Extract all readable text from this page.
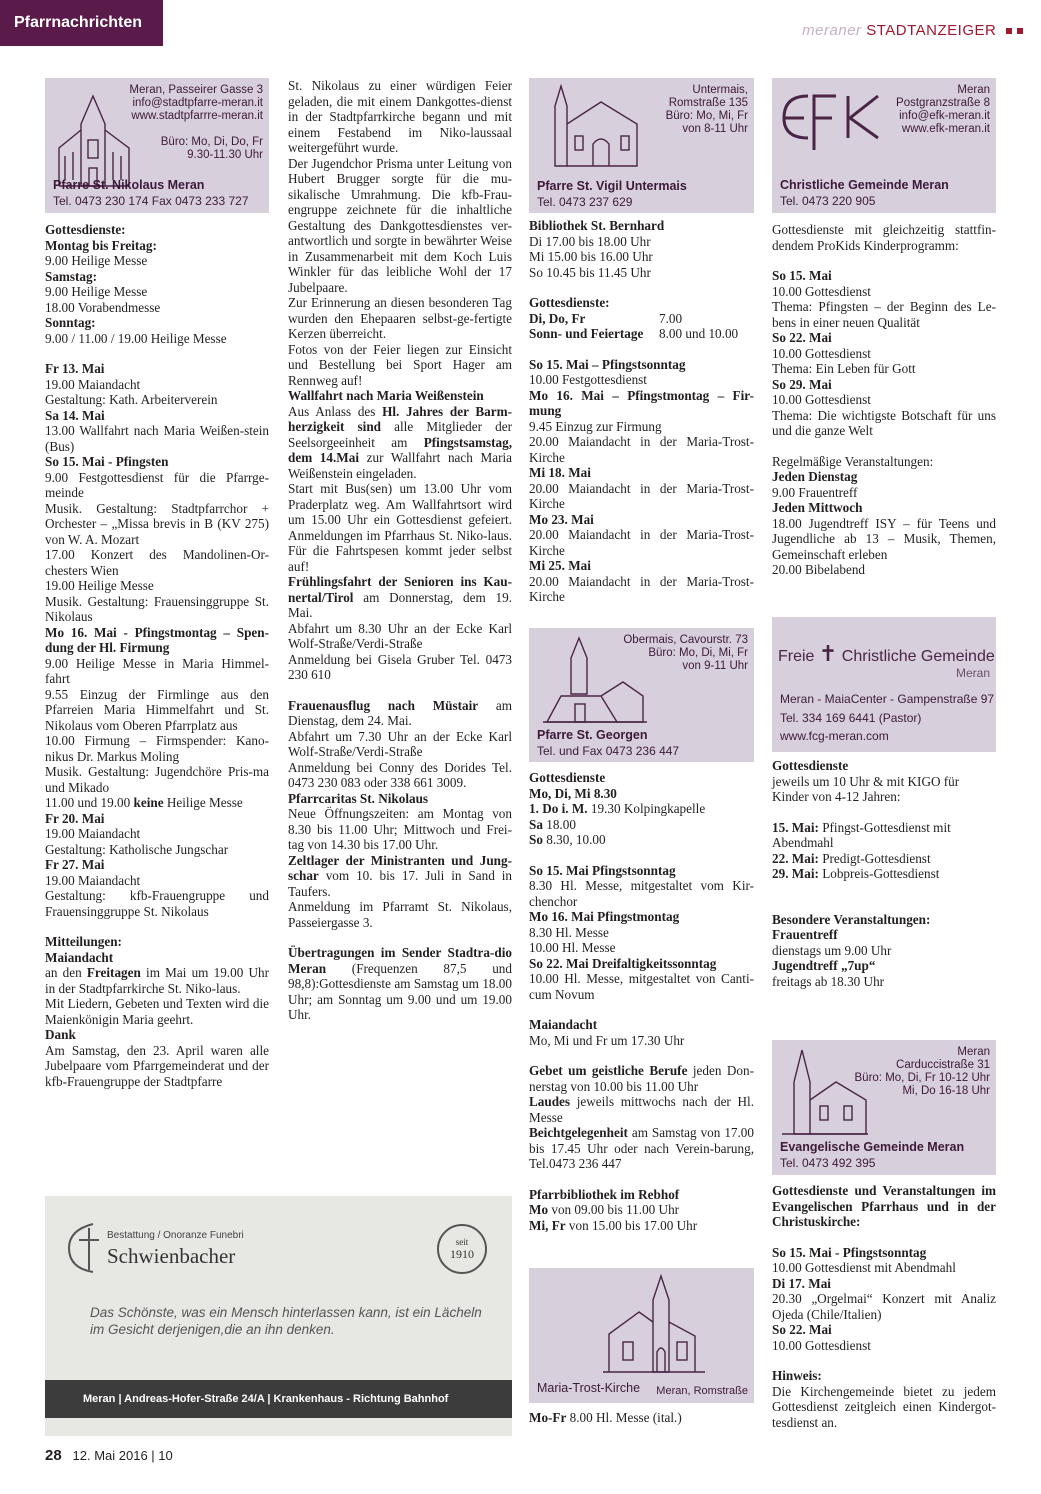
Pfarrnachrichten	meraner STADTANZEIGER
Meran, Passeirer Gasse 3
info@stadtpfarre-meran.it
www.stadtpfarrre-meran.it
Büro: Mo, Di, Do, Fr
9.30-11.30 Uhr
Pfarre St. Nikolaus Meran
Tel. 0473 230 174 Fax 0473 233 727

Gottesdienste:

Montag bis Freitag:

9.00 Heilige Messe

Samstag:

9.00 Heilige Messe

18.00 Vorabendmesse

Sonntag:

9.00 / 11.00 / 19.00 Heilige Messe

Fr 13. Mai

19.00 Maiandacht

Gestaltung: Kath. Arbeiterverein

Sa 14. Mai

13.00 Wallfahrt nach Maria Weißen-stein (Bus)

So 15. Mai - Pfingsten

9.00 Festgottesdienst für die Pfarrge-meinde

Musik. Gestaltung: Stadtpfarrchor + Orchester – „Missa brevis in B (KV 275) von W. A. Mozart

17.00 Konzert des Mandolinen-Or-chesters Wien

19.00 Heilige Messe

Musik. Gestaltung: Frauensinggruppe St. Nikolaus

Mo 16. Mai - Pfingstmontag – Spen-dung der Hl. Firmung

9.00 Heilige Messe in Maria Himmel-fahrt

9.55 Einzug der Firmlinge aus den Pfarreien Maria Himmelfahrt und St. Nikolaus vom Oberen Pfarrplatz aus

10.00 Firmung – Firmspender: Kano-nikus Dr. Markus Moling

Musik. Gestaltung: Jugendchöre Pris-ma und Mikado

11.00 und 19.00 keine Heilige Messe

Fr 20. Mai

19.00 Maiandacht

Gestaltung: Katholische Jungschar

Fr 27. Mai

19.00 Maiandacht

Gestaltung: kfb-Frauengruppe und Frauensinggruppe St. Nikolaus

Mitteilungen:

Maiandacht

an den Freitagen im Mai um 19.00 Uhr in der Stadtpfarrkirche St. Niko-laus.

Mit Liedern, Gebeten und Texten wird die Maienkönigin Maria geehrt.

Dank

Am Samstag, den 23. April waren alle Jubelpaare vom Pfarrgemeinderat und der kfb-Frauengruppe der Stadtpfarre

St. Nikolaus zu einer würdigen Feier geladen, die mit einem Dankgottes-dienst in der Stadtpfarrkirche begann und mit einem Festabend im Niko-laussaal weitergeführt wurde.

Der Jugendchor Prisma unter Leitung von Hubert Brugger sorgte für die mu-sikalische Umrahmung. Die kfb-Frau-engruppe zeichnete für die inhaltliche Gestaltung des Dankgottesdienstes ver-antwortlich und sorgte in bewährter Weise in Zusammenarbeit mit dem Koch Luis Winkler für das leibliche Wohl der 17 Jubelpaare.

Zur Erinnerung an diesen besonderen Tag wurden den Ehepaaren selbst-ge-fertigte Kerzen überreicht.

Fotos von der Feier liegen zur Einsicht und Bestellung bei Sport Hager am Rennweg auf!

Wallfahrt nach Maria Weißenstein

Aus Anlass des Hl. Jahres der Barm-herzigkeit sind alle Mitglieder der Seelsorgeeinheit am Pfingstsamstag, dem 14.Mai zur Wallfahrt nach Maria Weißenstein eingeladen.

Start mit Bus(sen) um 13.00 Uhr vom Praderplatz weg. Am Wallfahrtsort wird um 15.00 Uhr ein Gottesdienst gefeiert. Anmeldungen im Pfarrhaus St. Niko-laus. Für die Fahrtspesen kommt jeder selbst auf!

Frühlingsfahrt der Senioren ins Kau-nertal/Tirol am Donnerstag, dem 19. Mai.

Abfahrt um 8.30 Uhr an der Ecke Karl Wolf-Straße/Verdi-Straße

Anmeldung bei Gisela Gruber Tel. 0473 230 610

Frauenausflug nach Müstair am Dienstag, dem 24. Mai.

Abfahrt um 7.30 Uhr an der Ecke Karl Wolf-Straße/Verdi-Straße

Anmeldung bei Conny des Dorides Tel. 0473 230 083 oder 338 661 3009.

Pfarrcaritas St. Nikolaus

Neue Öffnungszeiten: am Montag von 8.30 bis 11.00 Uhr; Mittwoch und Frei-tag von 14.30 bis 17.00 Uhr.

Zeltlager der Ministranten und Jung-schar vom 10. bis 17. Juli in Sand in Taufers.

Anmeldung im Pfarramt St. Nikolaus, Passeiergasse 3.

Übertragungen im Sender Stadtra-dio Meran (Frequenzen 87,5 und 98,8):Gottesdienste am Samstag um 18.00 Uhr; am Sonntag um 9.00 und um 19.00 Uhr.

Untermais,
Romstraße 135
Büro: Mo, Mi, Fr
von 8-11 Uhr
Pfarre St. Vigil Untermais
Tel. 0473 237 629

Bibliothek St. Bernhard

Di 17.00 bis 18.00 Uhr

Mi 15.00 bis 16.00 Uhr

So 10.45 bis 11.45 Uhr

Gottesdienste:

Di, Do, Fr	7.00

Sonn- und Feiertage 8.00 und 10.00

So 15. Mai – Pfingstsonntag

10.00 Festgottesdienst

Mo 16. Mai – Pfingstmontag – Fir-mung

9.45 Einzug zur Firmung

20.00 Maiandacht in der Maria-Trost-Kirche

Mi 18. Mai

20.00 Maiandacht in der Maria-Trost-Kirche

Mo 23. Mai

20.00 Maiandacht in der Maria-Trost-Kirche

Mi 25. Mai

20.00 Maiandacht in der Maria-Trost-Kirche

Obermais, Cavourstr. 73
Büro: Mo, Di, Mi, Fr
von 9-11 Uhr
Pfarre St. Georgen
Tel. und Fax 0473 236 447

Gottesdienste

Mo, Di, Mi 8.30

1. Do i. M. 19.30 Kolpingkapelle

Sa 18.00

So 8.30, 10.00

So 15. Mai Pfingstsonntag

8.30 Hl. Messe, mitgestaltet vom Kir-chenchor

Mo 16. Mai Pfingstmontag

8.30 Hl. Messe

10.00 Hl. Messe

So 22. Mai Dreifaltigkeitssonntag

10.00 Hl. Messe, mitgestaltet von Canti-cum Novum

Maiandacht

Mo, Mi und Fr um 17.30 Uhr

Gebet um geistliche Berufe jeden Don-nerstag von 10.00 bis 11.00 Uhr

Laudes jeweils mittwochs nach der Hl. Messe

Beichtgelegenheit am Samstag von 17.00 bis 17.45 Uhr oder nach Verein-barung, Tel.0473 236 447

Pfarrbibliothek im Rebhof

Mo von 09.00 bis 11.00 Uhr

Mi, Fr von 15.00 bis 17.00 Uhr

Maria-Trost-Kirche Meran, Romstraße

Mo-Fr 8.00 Hl. Messe (ital.)

Meran
Postgranzstraße 8
info@efk-meran.it
www.efk-meran.it
Christliche Gemeinde Meran
Tel. 0473 220 905

Gottesdienste mit gleichzeitig stattfin-dendem ProKids Kinderprogramm:

So 15. Mai

10.00 Gottesdienst

Thema: Pfingsten – der Beginn des Le-bens in einer neuen Qualität

So 22. Mai

10.00 Gottesdienst

Thema: Ein Leben für Gott

So 29. Mai

10.00 Gottesdienst

Thema: Die wichtigste Botschaft für uns und die ganze Welt

Regelmäßige Veranstaltungen:

Jeden Dienstag

9.00 Frauentreff

Jeden Mittwoch

18.00 Jugendtreff ISY – für Teens und Jugendliche ab 13 – Musik, Themen, Gemeinschaft erleben

20.00 Bibelabend

Freie ✝ Christliche Gemeinde
Meran
Meran - MaiaCenter - Gampenstraße 97
Tel. 334 169 6441 (Pastor)
www.fcg-meran.com

Gottesdienste

jeweils um 10 Uhr & mit KIGO für Kinder von 4-12 Jahren:

15. Mai: Pfingst-Gottesdienst mit Abendmahl

22. Mai: Predigt-Gottesdienst

29. Mai: Lobpreis-Gottesdienst

Besondere Veranstaltungen:

Frauentreff

dienstags um 9.00 Uhr

Jugendtreff „7up“

freitags ab 18.30 Uhr

Meran
Carduccistraße 31
Büro: Mo, Di, Fr 10-12 Uhr
Mi, Do 16-18 Uhr
Evangelische Gemeinde Meran
Tel. 0473 492 395

Gottesdienste und Veranstaltungen im Evangelischen Pfarrhaus und in der Christuskirche:

So 15. Mai - Pfingstsonntag

10.00 Gottesdienst mit Abendmahl

Di 17. Mai

20.30 „Orgelmai“ Konzert mit Analiz Ojeda (Chile/Italien)

So 22. Mai

10.00 Gottesdienst

Hinweis:

Die Kirchengemeinde bietet zu jedem Gottesdienst zeitgleich einen Kindergot-tesdienst an.

Bestattung / Onoranze Funebri
Schwienbacher
seit
1910
Das Schönste, was ein Mensch hinterlassen kann, ist ein Lächeln im Gesicht derjenigen,die an ihn denken.
Meran | Andreas-Hofer-Straße 24/A | Krankenhaus - Richtung Bahnhof
28 12. Mai 2016 | 10
